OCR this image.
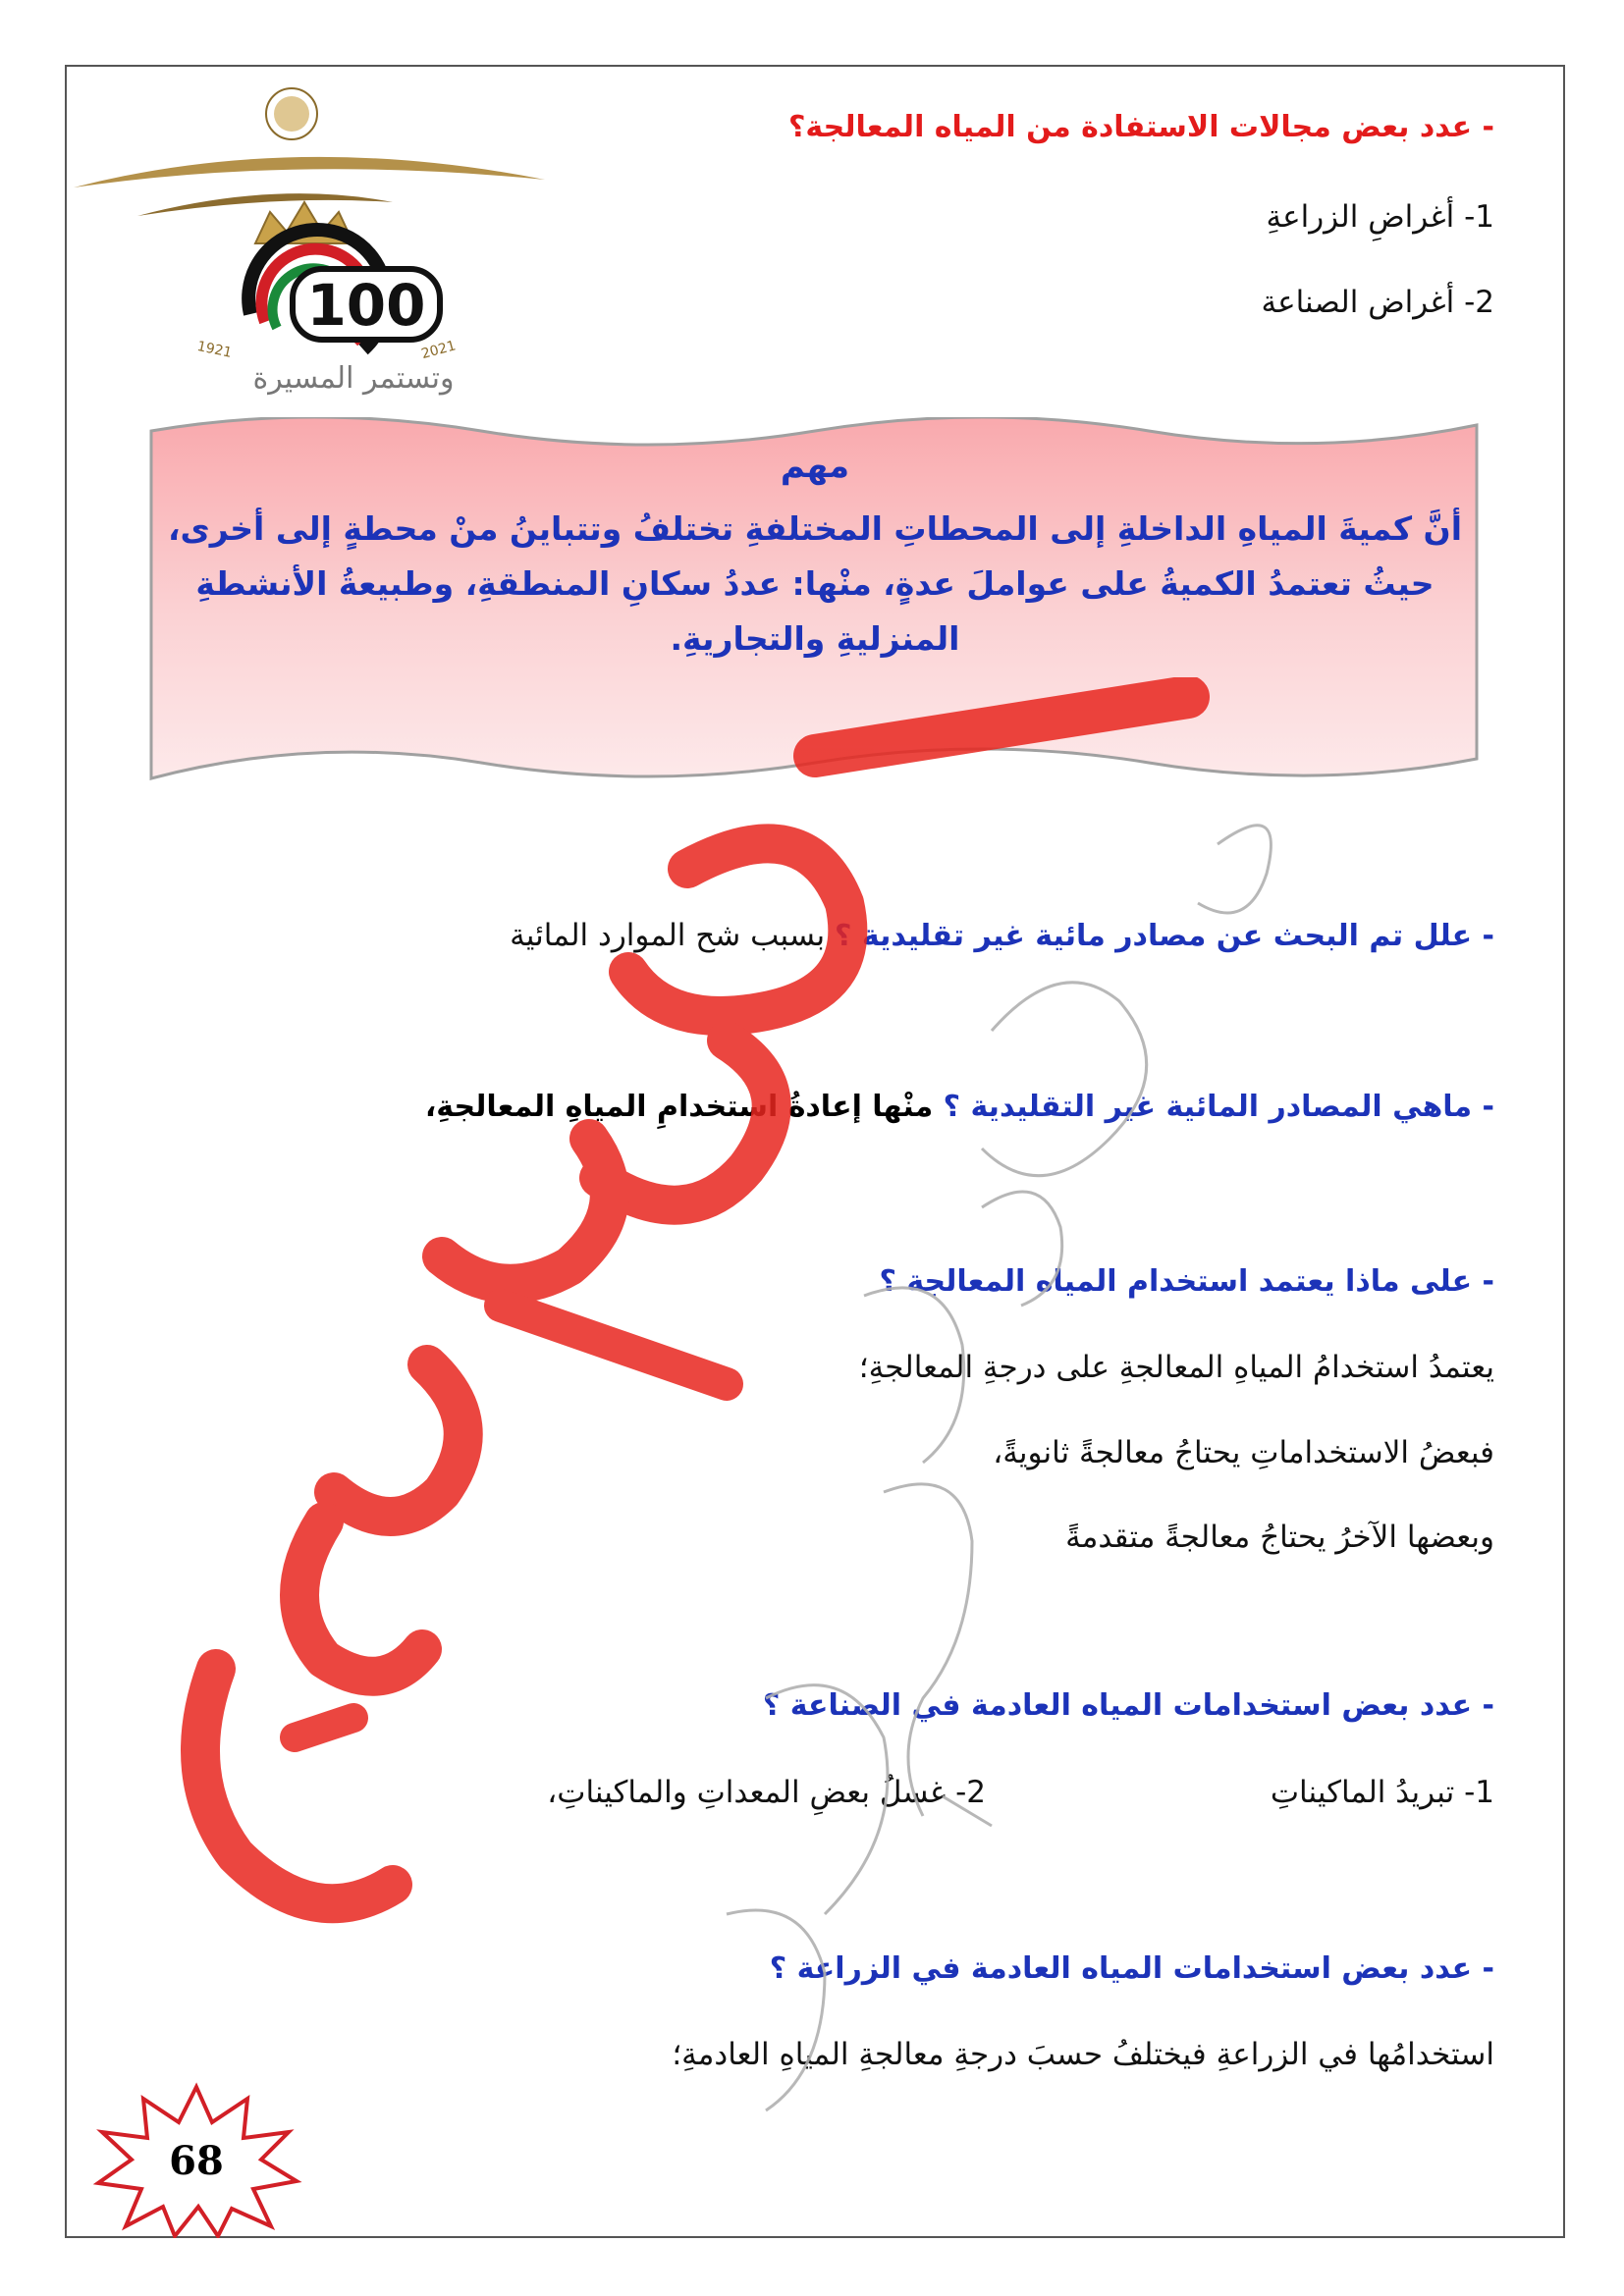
100
1921	2021
وتستمر المسيرة
- عدد بعض مجالات الاستفادة من المياه المعالجة؟
1- أغراضِ الزراعةِ
2- أغراض الصناعة
مهم
أنَّ كميةَ المياهِ الداخلةِ إلى المحطاتِ المختلفةِ تختلفُ وتتباينُ منْ محطةٍ إلى أخرى،
حيثُ تعتمدُ الكميةُ على عواملَ عدةٍ، منْها: عددُ سكانِ المنطقةِ، وطبيعةُ الأنشطةِ
المنزليةِ والتجاريةِ.
- علل تم البحث عن مصادر مائية غير تقليدية ؟ بسبب شح الموارد المائية
- ماهي المصادر المائية غير التقليدية ؟ منْها إعادةُ استخدامِ المياهِ المعالجةِ،
- على ماذا يعتمد استخدام المياه المعالجة ؟
يعتمدُ استخدامُ المياهِ المعالجةِ على درجةِ المعالجةِ؛
فبعضُ الاستخداماتِ يحتاجُ معالجةً ثانويةً،
وبعضها الآخرُ يحتاجُ معالجةً متقدمةً
- عدد بعض استخدامات المياه العادمة في الصناعة ؟
1- تبريدُ الماكيناتِ
2- غسلُ بعضِ المعداتِ والماكيناتِ،
- عدد بعض استخدامات المياه العادمة في الزراعة ؟
استخدامُها في الزراعةِ فيختلفُ حسبَ درجةِ معالجةِ المياهِ العادمةِ؛
68
